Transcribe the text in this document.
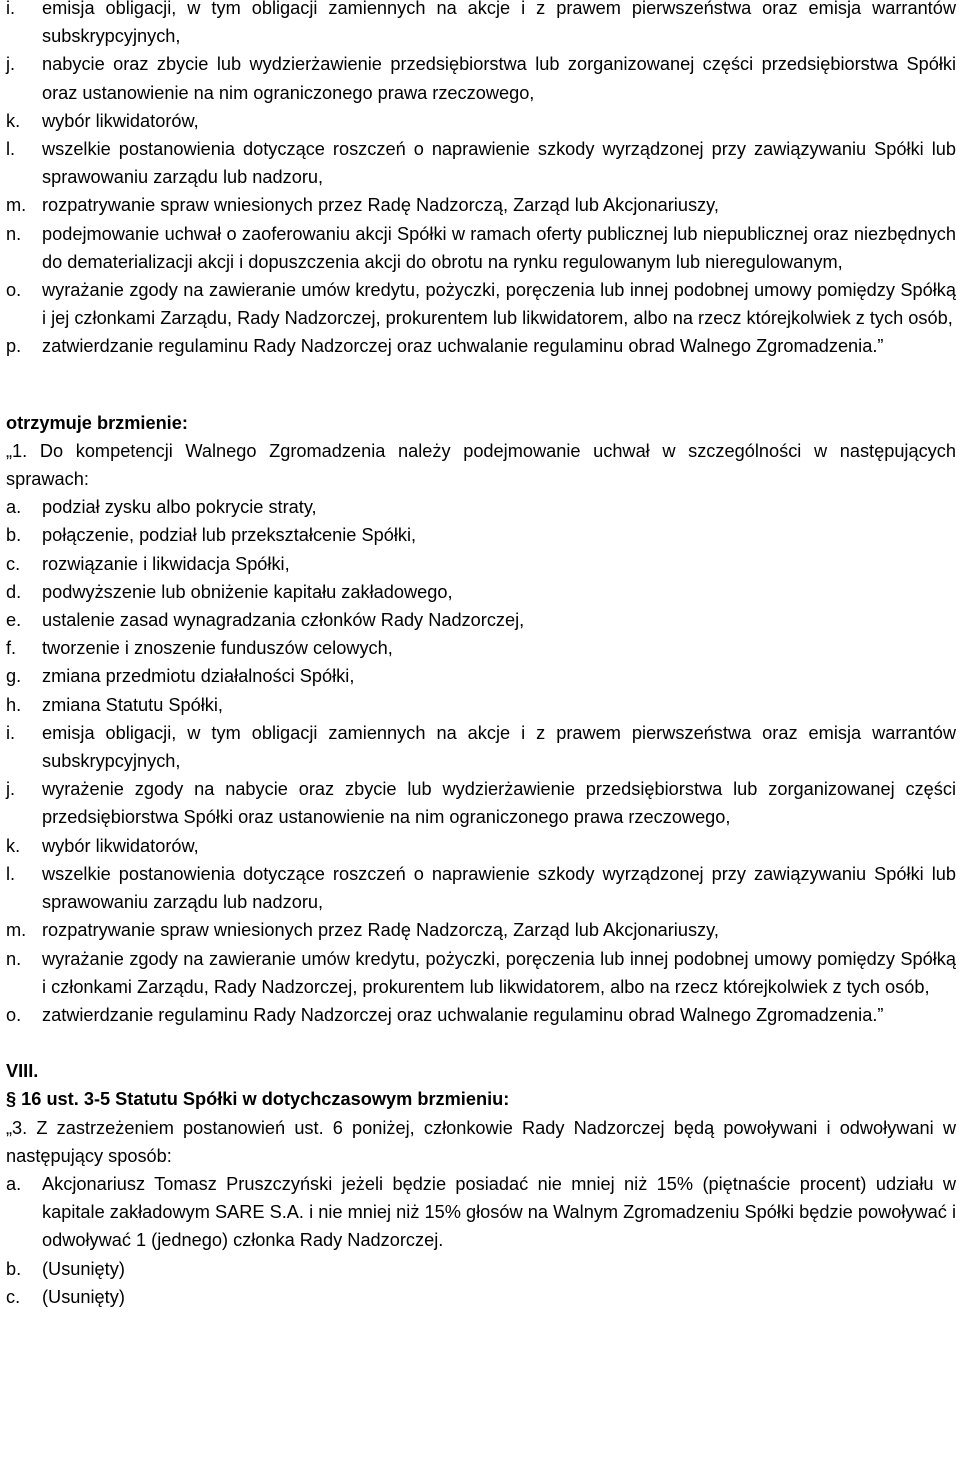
i. emisja obligacji, w tym obligacji zamiennych na akcje i z prawem pierwszeństwa oraz emisja warrantów subskrypcyjnych,
j. nabycie oraz zbycie lub wydzierżawienie przedsiębiorstwa lub zorganizowanej części przedsiębiorstwa Spółki oraz ustanowienie na nim ograniczonego prawa rzeczowego,
k. wybór likwidatorów,
l. wszelkie postanowienia dotyczące roszczeń o naprawienie szkody wyrządzonej przy zawiązywaniu Spółki lub sprawowaniu zarządu lub nadzoru,
m. rozpatrywanie spraw wniesionych przez Radę Nadzorczą, Zarząd lub Akcjonariuszy,
n. podejmowanie uchwał o zaoferowaniu akcji Spółki w ramach oferty publicznej lub niepublicznej oraz niezbędnych do dematerializacji akcji i dopuszczenia akcji do obrotu na rynku regulowanym lub nieregulowanym,
o. wyrażanie zgody na zawieranie umów kredytu, pożyczki, poręczenia lub innej podobnej umowy pomiędzy Spółką i jej członkami Zarządu, Rady Nadzorczej, prokurentem lub likwidatorem, albo na rzecz którejkolwiek z tych osób,
p. zatwierdzanie regulaminu Rady Nadzorczej oraz uchwalanie regulaminu obrad Walnego Zgromadzenia.”
otrzymuje brzmienie:
„1. Do kompetencji Walnego Zgromadzenia należy podejmowanie uchwał w szczególności w następujących sprawach:
a. podział zysku albo pokrycie straty,
b. połączenie, podział lub przekształcenie Spółki,
c. rozwiązanie i likwidacja Spółki,
d. podwyższenie lub obniżenie kapitału zakładowego,
e. ustalenie zasad wynagradzania członków Rady Nadzorczej,
f. tworzenie i znoszenie funduszów celowych,
g. zmiana przedmiotu działalności Spółki,
h. zmiana Statutu Spółki,
i. emisja obligacji, w tym obligacji zamiennych na akcje i z prawem pierwszeństwa oraz emisja warrantów subskrypcyjnych,
j. wyrażenie zgody na nabycie oraz zbycie lub wydzierżawienie przedsiębiorstwa lub zorganizowanej części przedsiębiorstwa Spółki oraz ustanowienie na nim ograniczonego prawa rzeczowego,
k. wybór likwidatorów,
l. wszelkie postanowienia dotyczące roszczeń o naprawienie szkody wyrządzonej przy zawiązywaniu Spółki lub sprawowaniu zarządu lub nadzoru,
m. rozpatrywanie spraw wniesionych przez Radę Nadzorczą, Zarząd lub Akcjonariuszy,
n. wyrażanie zgody na zawieranie umów kredytu, pożyczki, poręczenia lub innej podobnej umowy pomiędzy Spółką i członkami Zarządu, Rady Nadzorczej, prokurentem lub likwidatorem, albo na rzecz którejkolwiek z tych osób,
o. zatwierdzanie regulaminu Rady Nadzorczej oraz uchwalanie regulaminu obrad Walnego Zgromadzenia.”
VIII.
§ 16 ust. 3-5 Statutu Spółki w dotychczasowym brzmieniu:
„3. Z zastrzeżeniem postanowień ust. 6 poniżej, członkowie Rady Nadzorczej będą powoływani i odwoływani w następujący sposób:
a. Akcjonariusz Tomasz Pruszczyński jeżeli będzie posiadać nie mniej niż 15% (piętnaście procent) udziału w kapitale zakładowym SARE S.A. i nie mniej niż 15% głosów na Walnym Zgromadzeniu Spółki będzie powoływać i odwoływać 1 (jednego) członka Rady Nadzorczej.
b. (Usunięty)
c. (Usunięty)
